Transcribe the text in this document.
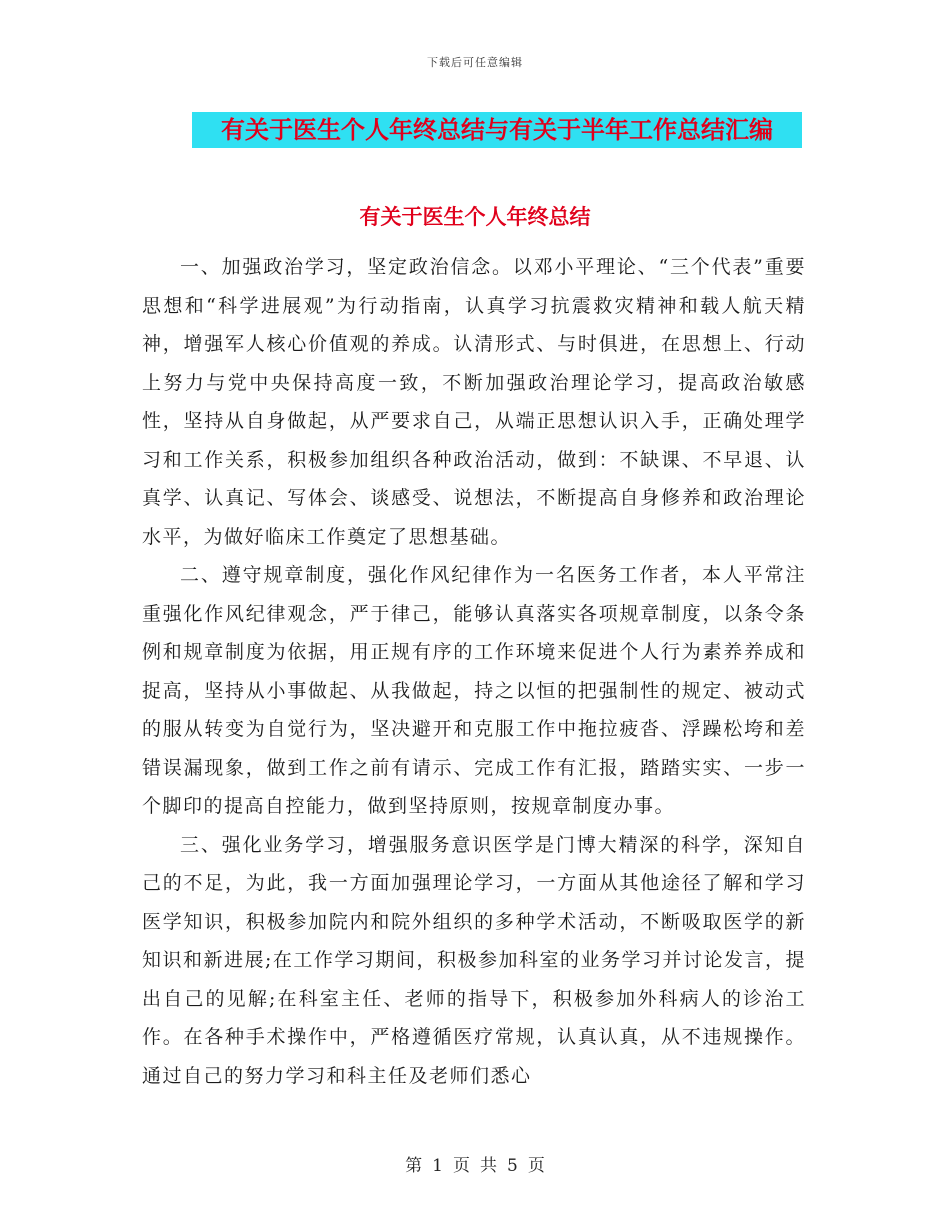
下载后可任意编辑
有关于医生个人年终总结与有关于半年工作总结汇编
有关于医生个人年终总结

一、加强政治学习，坚定政治信念。以邓小平理论、“三个代表”重要思想和“科学进展观”为行动指南，认真学习抗震救灾精神和载人航天精神，增强军人核心价值观的养成。认清形式、与时俱进，在思想上、行动上努力与党中央保持高度一致，不断加强政治理论学习，提高政治敏感性，坚持从自身做起，从严要求自己，从端正思想认识入手，正确处理学习和工作关系，积极参加组织各种政治活动，做到：不缺课、不早退、认真学、认真记、写体会、谈感受、说想法，不断提高自身修养和政治理论水平，为做好临床工作奠定了思想基础。

二、遵守规章制度，强化作风纪律作为一名医务工作者，本人平常注重强化作风纪律观念，严于律己，能够认真落实各项规章制度，以条令条例和规章制度为依据，用正规有序的工作环境来促进个人行为素养养成和捉高，坚持从小事做起、从我做起，持之以恒的把强制性的规定、被动式的服从转变为自觉行为，坚决避开和克服工作中拖拉疲沓、浮躁松垮和差错误漏现象，做到工作之前有请示、完成工作有汇报，踏踏实实、一步一个脚印的提高自控能力，做到坚持原则，按规章制度办事。

三、强化业务学习，增强服务意识医学是门博大精深的科学，深知自己的不足，为此，我一方面加强理论学习，一方面从其他途径了解和学习医学知识，积极参加院内和院外组织的多种学术活动，不断吸取医学的新知识和新进展;在工作学习期间，积极参加科室的业务学习并讨论发言，提出自己的见解;在科室主任、老师的指导下，积极参加外科病人的诊治工作。在各种手术操作中，严格遵循医疗常规，认真认真，从不违规操作。通过自己的努力学习和科主任及老师们悉心

第 1 页 共 5 页
